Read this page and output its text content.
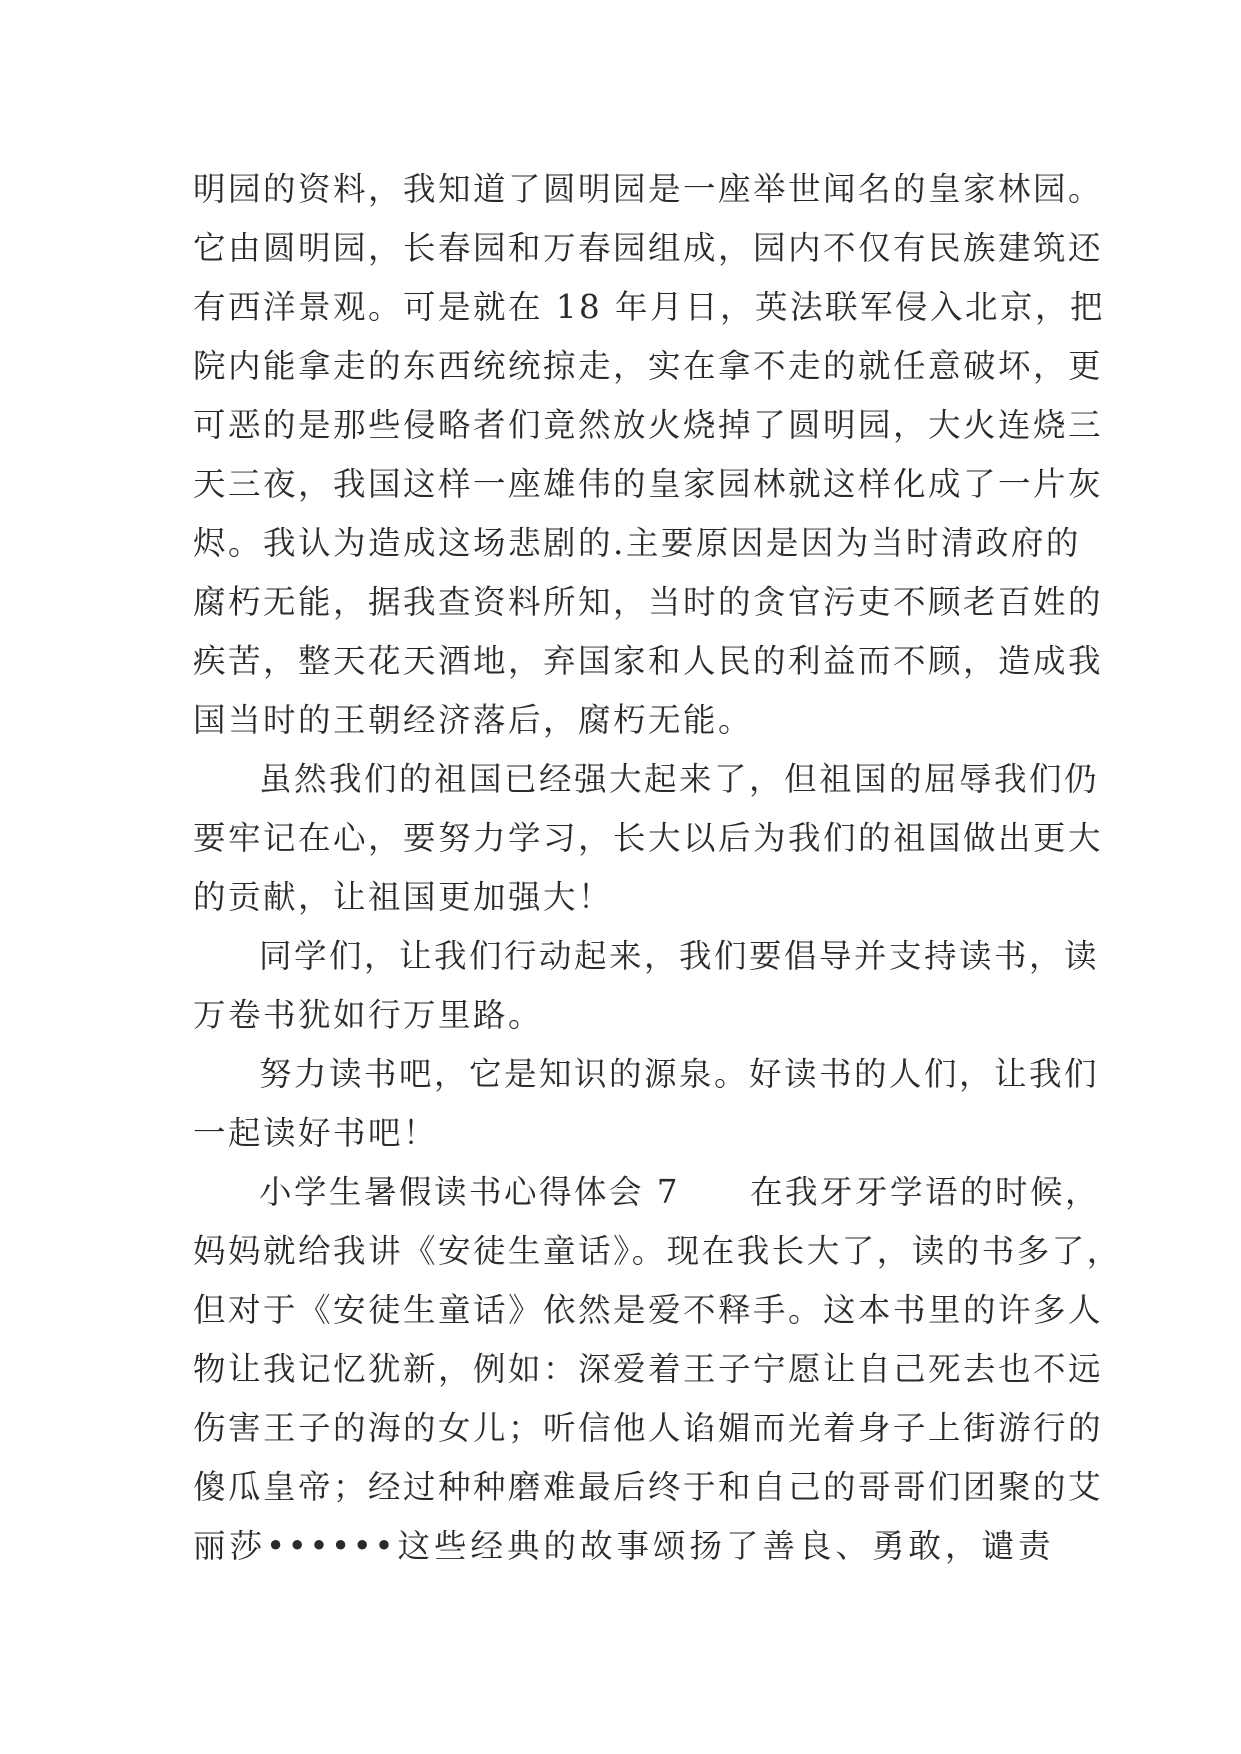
明园的资料，我知道了圆明园是一座举世闻名的皇家林园。
它由圆明园，长春园和万春园组成，园内不仅有民族建筑还
有西洋景观。可是就在 18 年月日，英法联军侵入北京，把
院内能拿走的东西统统掠走，实在拿不走的就任意破坏，更
可恶的是那些侵略者们竟然放火烧掉了圆明园，大火连烧三
天三夜，我国这样一座雄伟的皇家园林就这样化成了一片灰
烬。我认为造成这场悲剧的.主要原因是因为当时清政府的
腐朽无能，据我查资料所知，当时的贪官污吏不顾老百姓的
疾苦，整天花天酒地，弃国家和人民的利益而不顾，造成我
国当时的王朝经济落后，腐朽无能。
虽然我们的祖国已经强大起来了，但祖国的屈辱我们仍
要牢记在心，要努力学习，长大以后为我们的祖国做出更大
的贡献，让祖国更加强大！
同学们，让我们行动起来，我们要倡导并支持读书，读
万卷书犹如行万里路。
努力读书吧，它是知识的源泉。好读书的人们，让我们
一起读好书吧！
小学生暑假读书心得体会 7　　在我牙牙学语的时候，
妈妈就给我讲《安徒生童话》。现在我长大了，读的书多了，
但对于《安徒生童话》依然是爱不释手。这本书里的许多人
物让我记忆犹新，例如：深爱着王子宁愿让自己死去也不远
伤害王子的海的女儿；听信他人谄媚而光着身子上街游行的
傻瓜皇帝；经过种种磨难最后终于和自己的哥哥们团聚的艾
丽莎••••••这些经典的故事颂扬了善良、勇敢，谴责
